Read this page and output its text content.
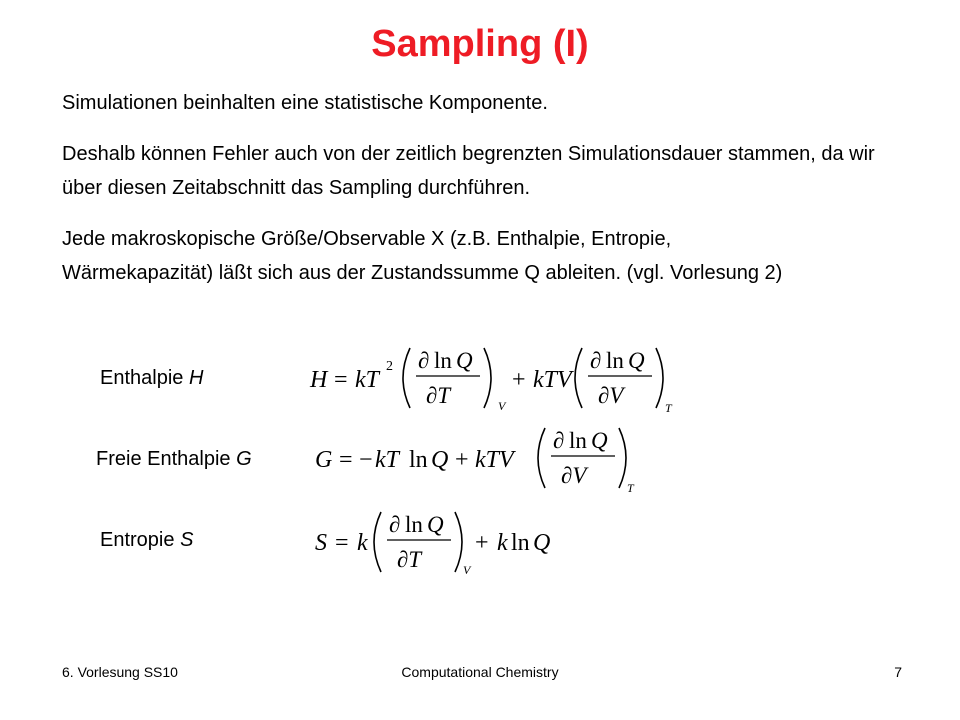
Sampling (I)

Simulationen beinhalten eine statistische Komponente.

Deshalb können Fehler auch von der zeitlich begrenzten Simulationsdauer stammen, da wir über diesen Zeitabschnitt das Sampling durchführen.

Jede makroskopische Größe/Observable X (z.B. Enthalpie, Entropie, Wärmekapazität) läßt sich aus der Zustandssumme Q ableiten. (vgl. Vorlesung 2)

Enthalpie H	H = kT
2 ∂ ln Q
∂T	V
+ kTV
∂ ln Q
∂V	T
Freie Enthalpie G	G = − kT ln Q + kTV
∂ ln Q
∂V	T
Entropie S	S = k
∂ ln Q
∂T	V
+ k ln Q
6. Vorlesung SS10	Computational Chemistry	7
